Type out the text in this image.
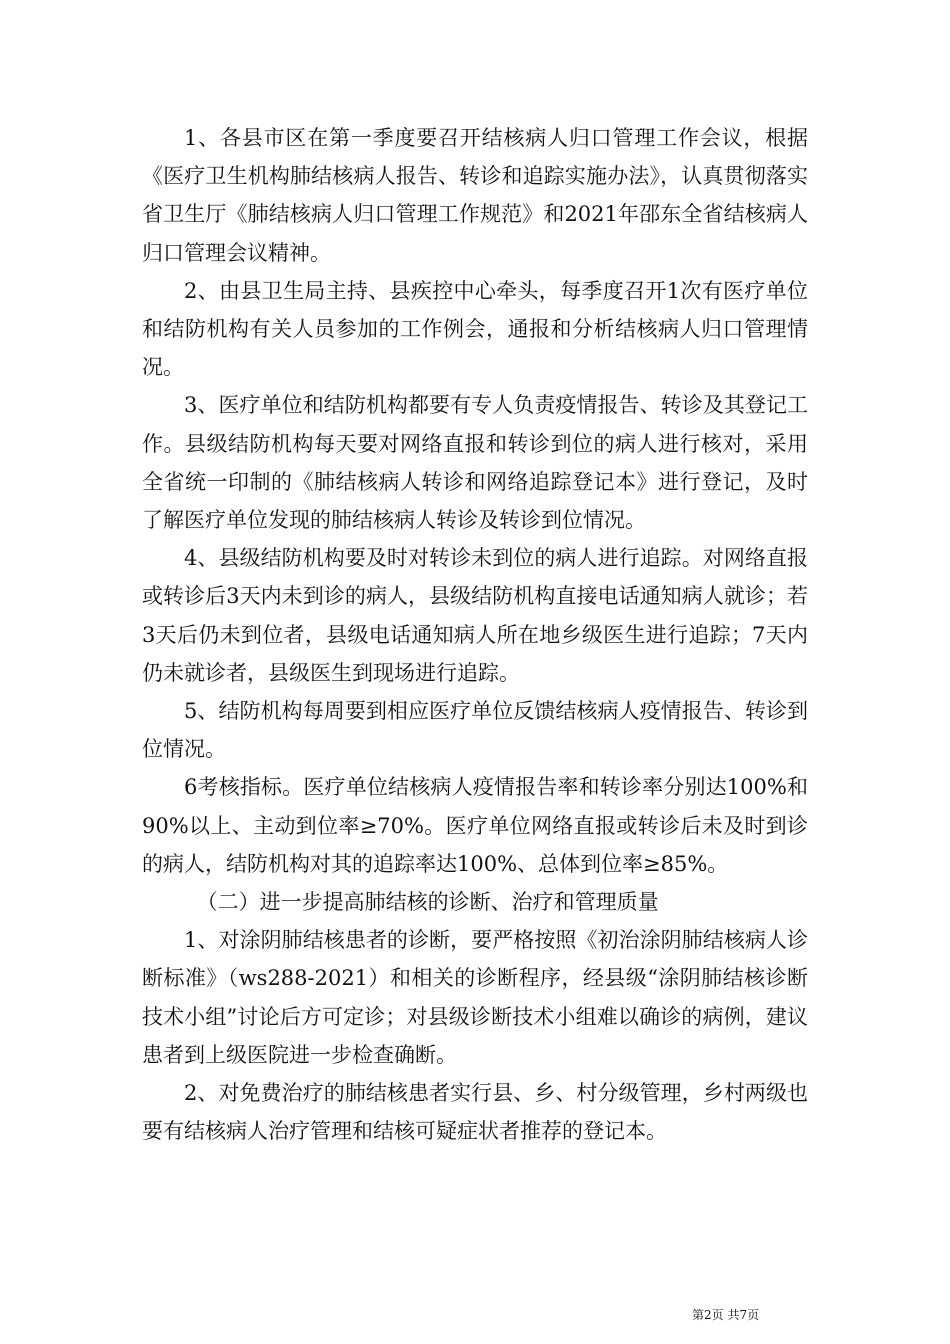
1、各县市区在第一季度要召开结核病人归口管理工作会议，根据《医疗卫生机构肺结核病人报告、转诊和追踪实施办法》，认真贯彻落实省卫生厅《肺结核病人归口管理工作规范》和2021年邵东全省结核病人归口管理会议精神。

2、由县卫生局主持、县疾控中心牵头，每季度召开1次有医疗单位和结防机构有关人员参加的工作例会，通报和分析结核病人归口管理情况。

3、医疗单位和结防机构都要有专人负责疫情报告、转诊及其登记工作。县级结防机构每天要对网络直报和转诊到位的病人进行核对，采用全省统一印制的《肺结核病人转诊和网络追踪登记本》进行登记，及时了解医疗单位发现的肺结核病人转诊及转诊到位情况。

4、县级结防机构要及时对转诊未到位的病人进行追踪。对网络直报或转诊后3天内未到诊的病人，县级结防机构直接电话通知病人就诊；若3天后仍未到位者，县级电话通知病人所在地乡级医生进行追踪；7天内仍未就诊者，县级医生到现场进行追踪。

5、结防机构每周要到相应医疗单位反馈结核病人疫情报告、转诊到位情况。

6考核指标。医疗单位结核病人疫情报告率和转诊率分别达100%和90%以上、主动到位率≥70%。医疗单位网络直报或转诊后未及时到诊的病人，结防机构对其的追踪率达100%、总体到位率≥85%。

（二）进一步提高肺结核的诊断、治疗和管理质量

1、对涂阴肺结核患者的诊断，要严格按照《初治涂阴肺结核病人诊断标准》（ws288-2021）和相关的诊断程序，经县级“涂阴肺结核诊断技术小组”讨论后方可定诊；对县级诊断技术小组难以确诊的病例，建议患者到上级医院进一步检查确断。

2、对免费治疗的肺结核患者实行县、乡、村分级管理，乡村两级也要有结核病人治疗管理和结核可疑症状者推荐的登记本。

第2页 共7页
